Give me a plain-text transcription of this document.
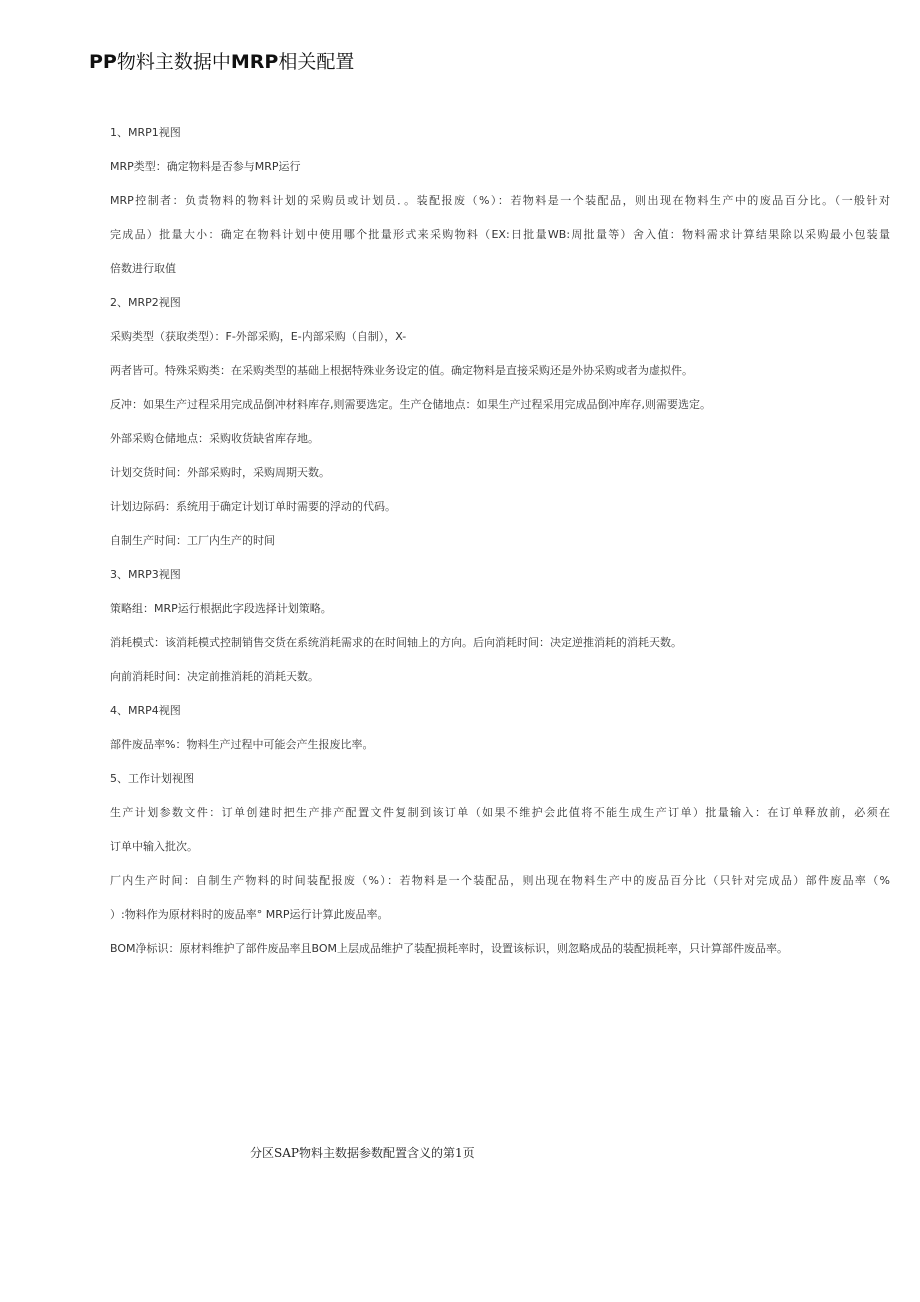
PP物料主数据中MRP相关配置
1、MRP1视图
MRP类型：确定物料是否参与MRP运行
MRP控制者：负责物料的物料计划的采购员或计划员．。装配报废（%）：若物料是一个装配品，则出现在物料生产中的废品百分比。（一般针对
完成品）批量大小：确定在物料计划中使用哪个批量形式来采购物料（EX:日批量WB:周批量等）舍入值：物料需求计算结果除以采购最小包装量
倍数进行取值
2、MRP2视图
采购类型（获取类型）：F-外部采购，E-内部采购（自制），X-
两者皆可。特殊采购类：在采购类型的基础上根据特殊业务设定的值。确定物料是直接采购还是外协采购或者为虚拟件。
反冲：如果生产过程采用完成品倒冲材料库存,则需要选定。生产仓储地点：如果生产过程采用完成品倒冲库存,则需要选定。
外部采购仓储地点：采购收货缺省库存地。
计划交货时间：外部采购时，采购周期天数。
计划边际码：系统用于确定计划订单时需要的浮动的代码。
自制生产时间：工厂内生产的时间
3、MRP3视图
策略组：MRP运行根据此字段选择计划策略。
消耗模式：该消耗模式控制销售交货在系统消耗需求的在时间轴上的方向。后向消耗时间：决定逆推消耗的消耗天数。
向前消耗时间：决定前推消耗的消耗天数。
4、MRP4视图
部件废品率%：物料生产过程中可能会产生报废比率。
5、工作计划视图
生产计划参数文件：订单创建时把生产排产配置文件复制到该订单（如果不维护会此值将不能生成生产订单）批量输入：在订单释放前，必须在
订单中输入批次。
厂内生产时间：自制生产物料的时间装配报废（%）：若物料是一个装配品，则出现在物料生产中的废品百分比（只针对完成品）部件废品率（%
）:物料作为原材料时的废品率° MRP运行计算此废品率。
BOM净标识：原材料维护了部件废品率且BOM上层成品维护了装配损耗率时，设置该标识，则忽略成品的装配损耗率，只计算部件废品率。
分区SAP物料主数据参数配置含义的第1页
